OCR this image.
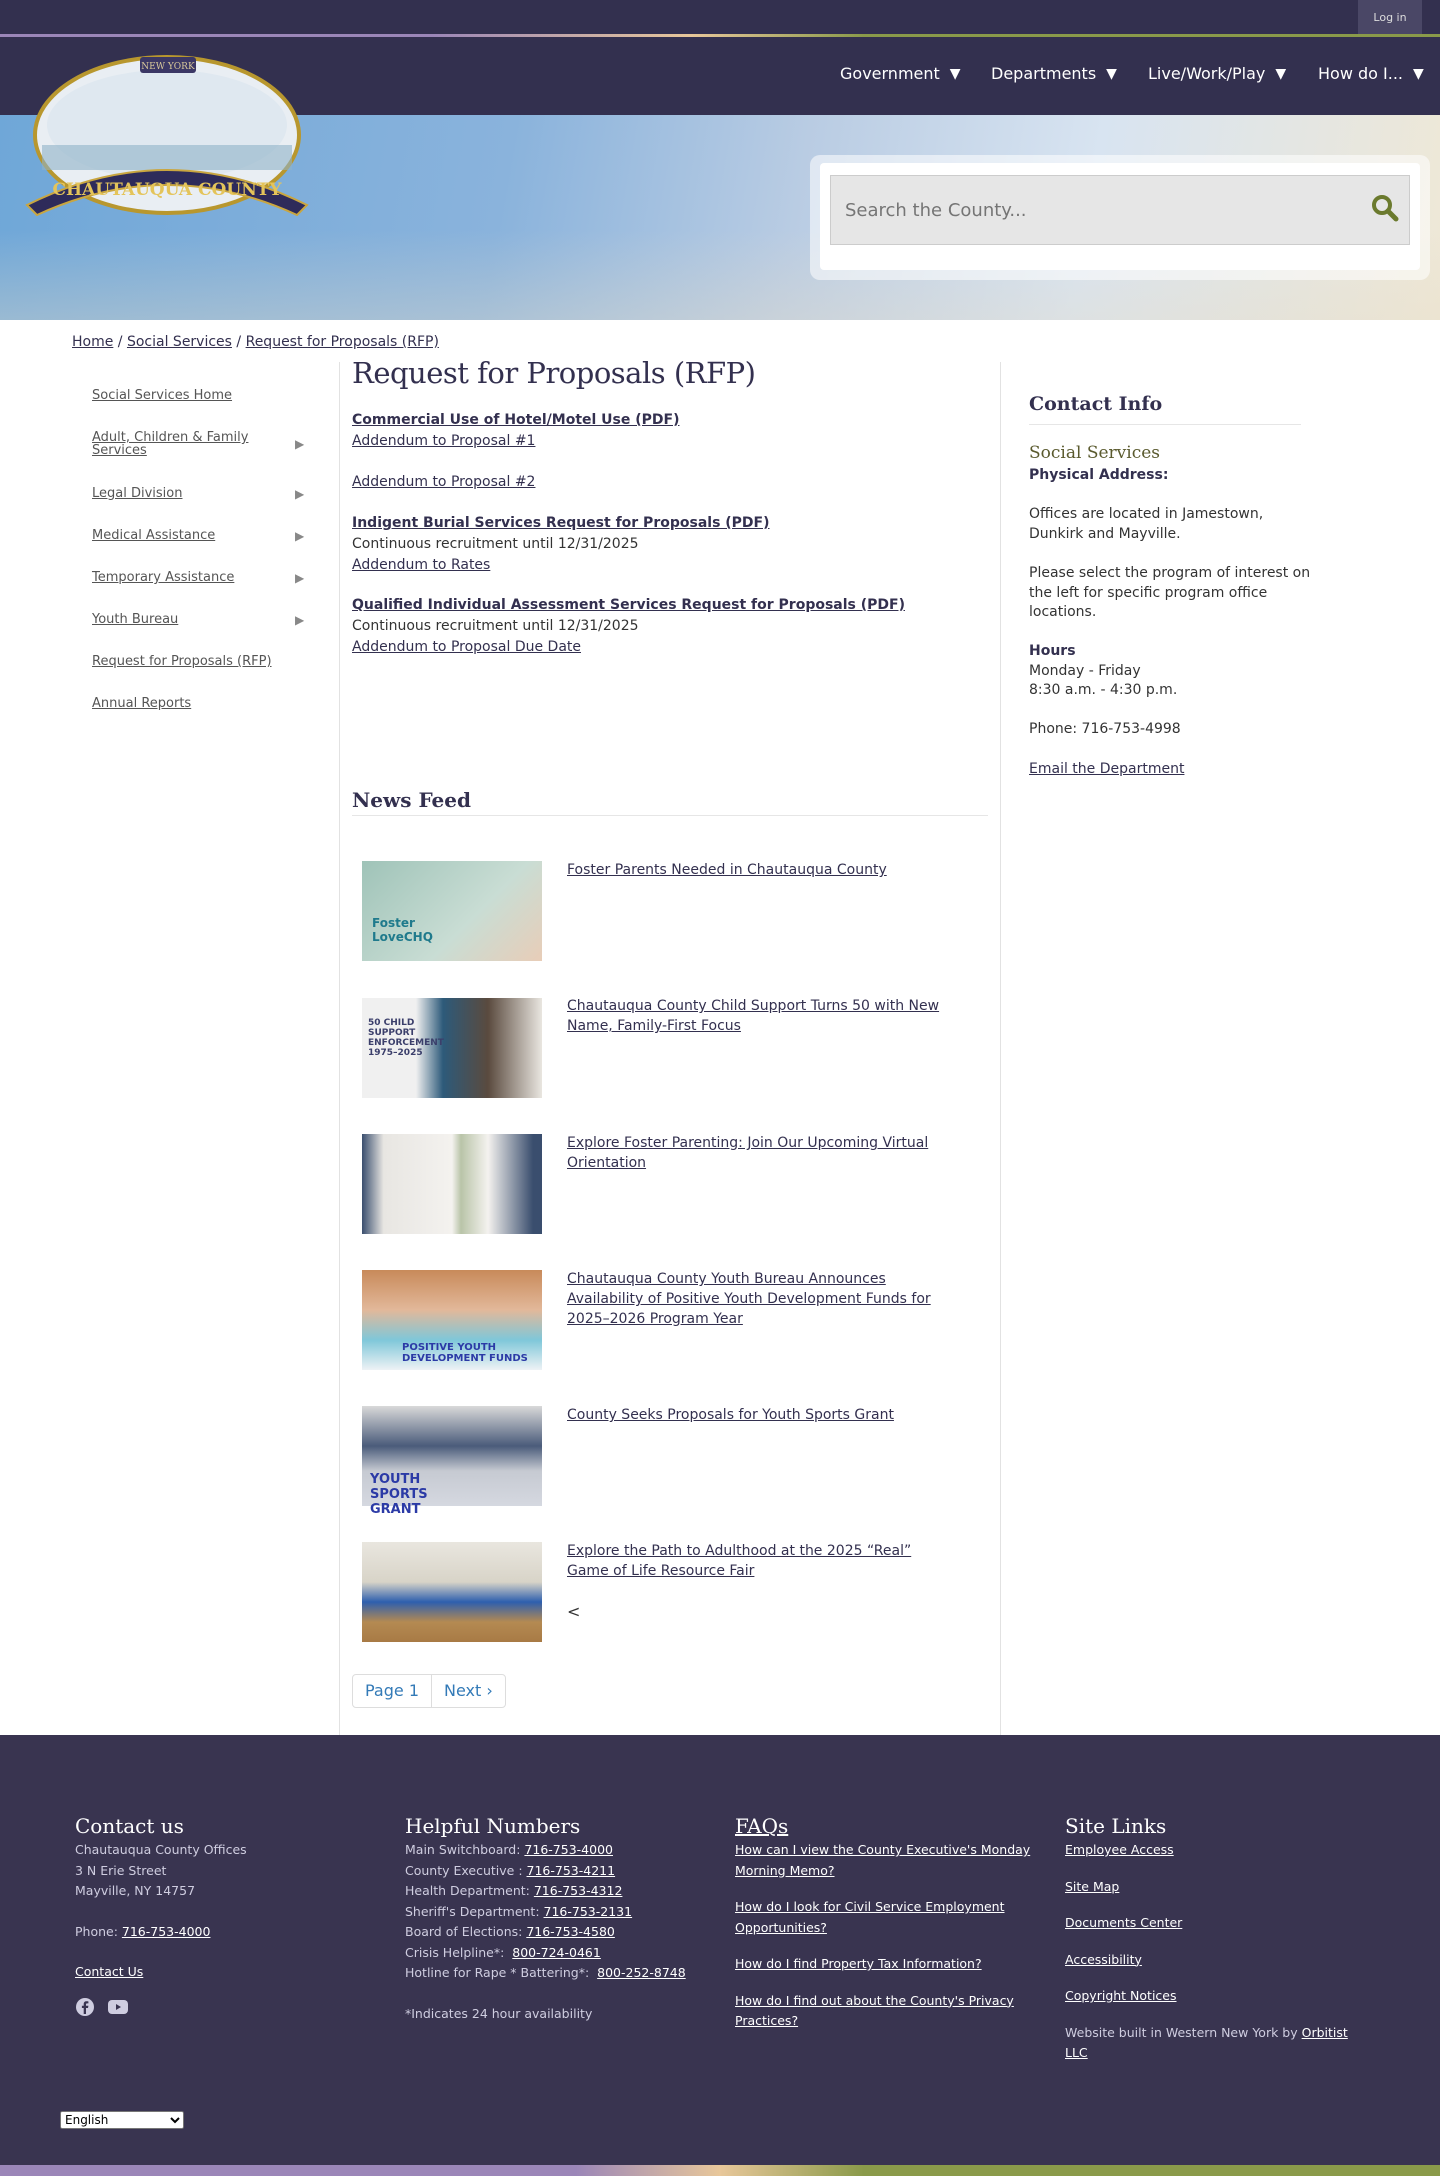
Log in
Government ▼ Departments ▼ Live/Work/Play ▼ How do I... ▼
NEW YORK
CHAUTAUQUA COUNTY
Search the County...
Home / Social Services / Request for Proposals (RFP)
Social Services Home
Adult, Children & Family Services	▶
Legal Division	▶
Medical Assistance	▶
Temporary Assistance	▶
Youth Bureau	▶
Request for Proposals (RFP)
Annual Reports
Request for Proposals (RFP)
Commercial Use of Hotel/Motel Use (PDF)
Addendum to Proposal #1
Addendum to Proposal #2
Indigent Burial Services Request for Proposals (PDF)
Continuous recruitment until 12/31/2025
Addendum to Rates
Qualified Individual Assessment Services Request for Proposals (PDF)
Continuous recruitment until 12/31/2025
Addendum to Proposal Due Date
News Feed
Foster LoveCHQ
Foster Parents Needed in Chautauqua County
50 CHILD SUPPORT ENFORCEMENT 1975–2025
Chautauqua County Child Support Turns 50 with New Name, Family-First Focus
Explore Foster Parenting: Join Our Upcoming Virtual Orientation
POSITIVE YOUTH DEVELOPMENT FUNDS
Chautauqua County Youth Bureau Announces Availability of Positive Youth Development Funds for 2025–2026 Program Year
YOUTH SPORTS GRANT
County Seeks Proposals for Youth Sports Grant
Explore the Path to Adulthood at the 2025 “Real” Game of Life Resource Fair
<
Page 1	Next ›
Contact Info
Social Services
Physical Address:
Offices are located in Jamestown, Dunkirk and Mayville.
Please select the program of interest on the left for specific program office locations.
Hours
Monday - Friday
8:30 a.m. - 4:30 p.m.
Phone: 716-753-4998
Email the Department
Contact us
Chautauqua County Offices
3 N Erie Street
Mayville, NY 14757
Phone: 716-753-4000
Contact Us
Helpful Numbers
Main Switchboard: 716-753-4000
County Executive : 716-753-4211
Health Department: 716-753-4312
Sheriff's Department: 716-753-2131
Board of Elections: 716-753-4580
Crisis Helpline*:  800-724-0461
Hotline for Rape * Battering*:  800-252-8748
*Indicates 24 hour availability
FAQs
How can I view the County Executive's Monday Morning Memo?
How do I look for Civil Service Employment Opportunities?
How do I find Property Tax Information?
How do I find out about the County's Privacy Practices?
Site Links
Employee Access
Site Map
Documents Center
Accessibility
Copyright Notices
Website built in Western New York by Orbitist LLC
English
